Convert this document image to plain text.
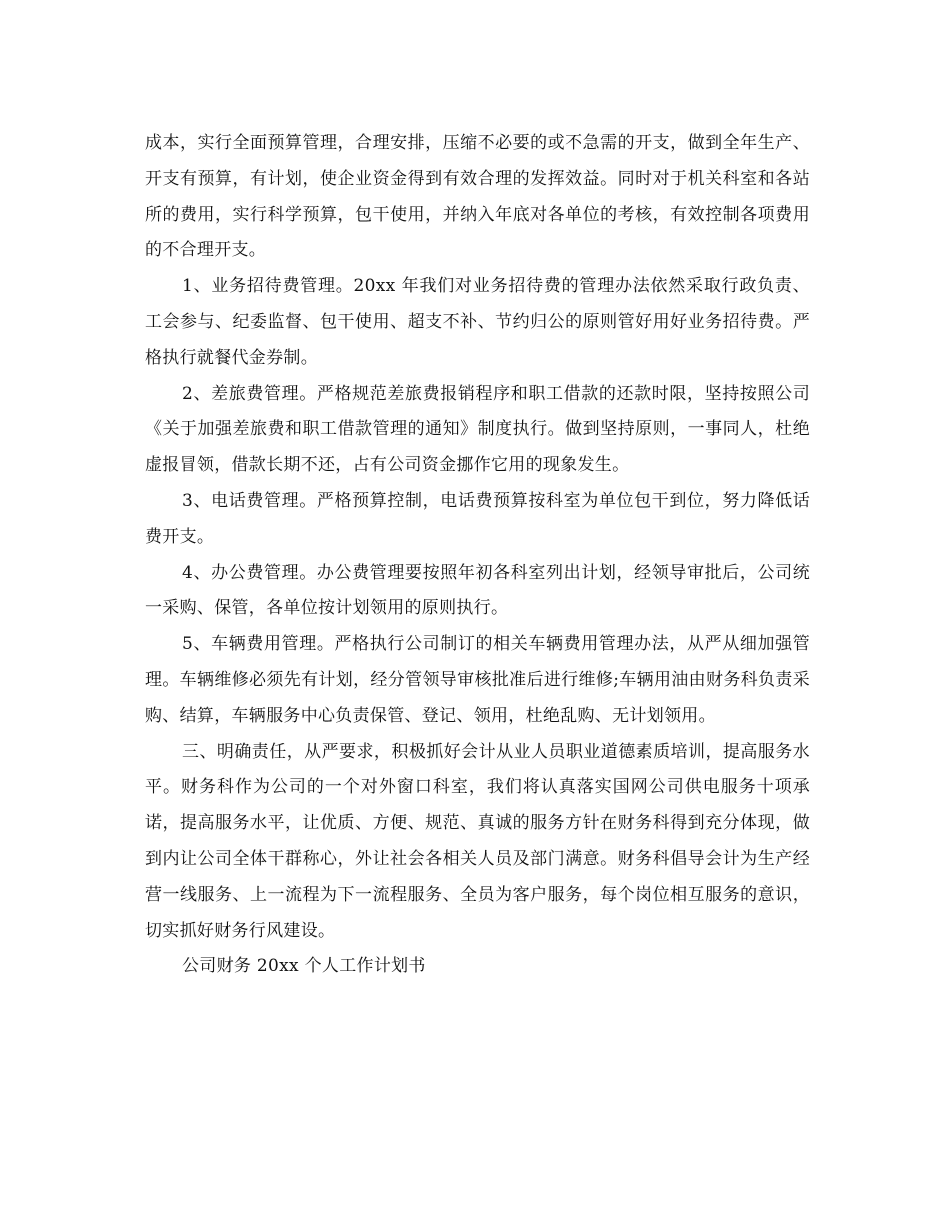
成本，实行全面预算管理，合理安排，压缩不必要的或不急需的开支，做到全年生产、开支有预算，有计划，使企业资金得到有效合理的发挥效益。同时对于机关科室和各站所的费用，实行科学预算，包干使用，并纳入年底对各单位的考核，有效控制各项费用的不合理开支。

1、业务招待费管理。20xx 年我们对业务招待费的管理办法依然采取行政负责、工会参与、纪委监督、包干使用、超支不补、节约归公的原则管好用好业务招待费。严格执行就餐代金券制。

2、差旅费管理。严格规范差旅费报销程序和职工借款的还款时限，坚持按照公司《关于加强差旅费和职工借款管理的通知》制度执行。做到坚持原则，一事同人，杜绝虚报冒领，借款长期不还，占有公司资金挪作它用的现象发生。

3、电话费管理。严格预算控制，电话费预算按科室为单位包干到位，努力降低话费开支。

4、办公费管理。办公费管理要按照年初各科室列出计划，经领导审批后，公司统一采购、保管，各单位按计划领用的原则执行。

5、车辆费用管理。严格执行公司制订的相关车辆费用管理办法，从严从细加强管理。车辆维修必须先有计划，经分管领导审核批准后进行维修;车辆用油由财务科负责采购、结算，车辆服务中心负责保管、登记、领用，杜绝乱购、无计划领用。

三、明确责任，从严要求，积极抓好会计从业人员职业道德素质培训，提高服务水平。财务科作为公司的一个对外窗口科室，我们将认真落实国网公司供电服务十项承诺，提高服务水平，让优质、方便、规范、真诚的服务方针在财务科得到充分体现，做到内让公司全体干群称心，外让社会各相关人员及部门满意。财务科倡导会计为生产经营一线服务、上一流程为下一流程服务、全员为客户服务，每个岗位相互服务的意识，切实抓好财务行风建设。

公司财务 20xx 个人工作计划书
